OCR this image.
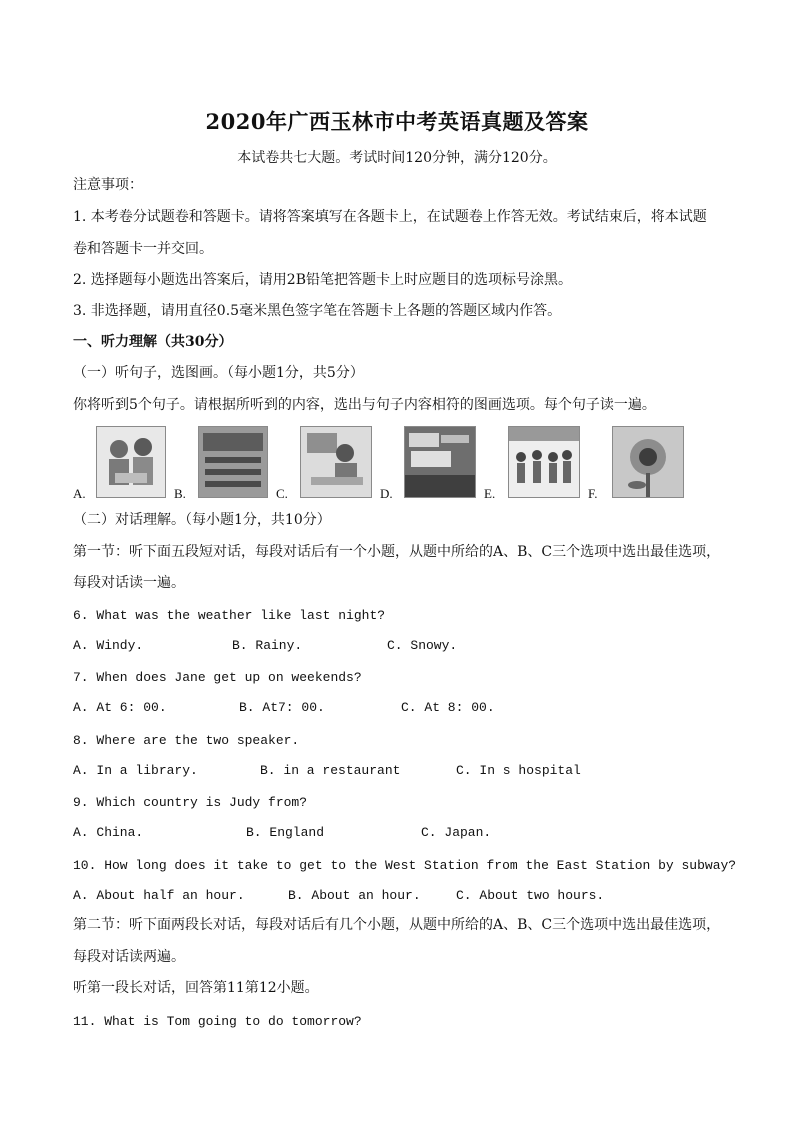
2020年广西玉林市中考英语真题及答案
本试卷共七大题。考试时间120分钟，满分120分。
注意事项：
1. 本考卷分试题卷和答题卡。请将答案填写在各题卡上，在试题卷上作答无效。考试结束后，将本试题
卷和答题卡一并交回。
2. 选择题每小题选出答案后，请用2B铅笔把答题卡上时应题目的选项标号涂黑。
3. 非选择题，请用直径0.5毫米黑色签字笔在答题卡上各题的答题区域内作答。
一、听力理解（共30分）
（一）听句子，选图画。（每小题1分，共5分）
你将听到5个句子。请根据所听到的内容，选出与句子内容相符的图画选项。每个句子读一遍。
A.	B.	C.	D.	E.	F.
（二）对话理解。（每小题1分，共10分）
第一节：听下面五段短对话，每段对话后有一个小题，从题中所给的A、B、C三个选项中选出最佳选项，
每段对话读一遍。
6. What was the weather like last night?
A. Windy.	B. Rainy.	C. Snowy.
7. When does Jane get up on weekends?
A. At 6: 00.	B. At7: 00.	C. At 8: 00.
8. Where are the two speaker.
A. In a library.	B. in a restaurant	C. In s hospital
9. Which country is Judy from?
A. China.	B. England	C. Japan.
10. How long does it take to get to the West Station from the East Station by subway?
A. About half an hour.	B. About an hour.	C. About two hours.
第二节：听下面两段长对话，每段对话后有几个小题，从题中所给的A、B、C三个选项中选出最佳选项，
每段对话读两遍。
听第一段长对话，回答第11第12小题。
11. What is Tom going to do tomorrow?
